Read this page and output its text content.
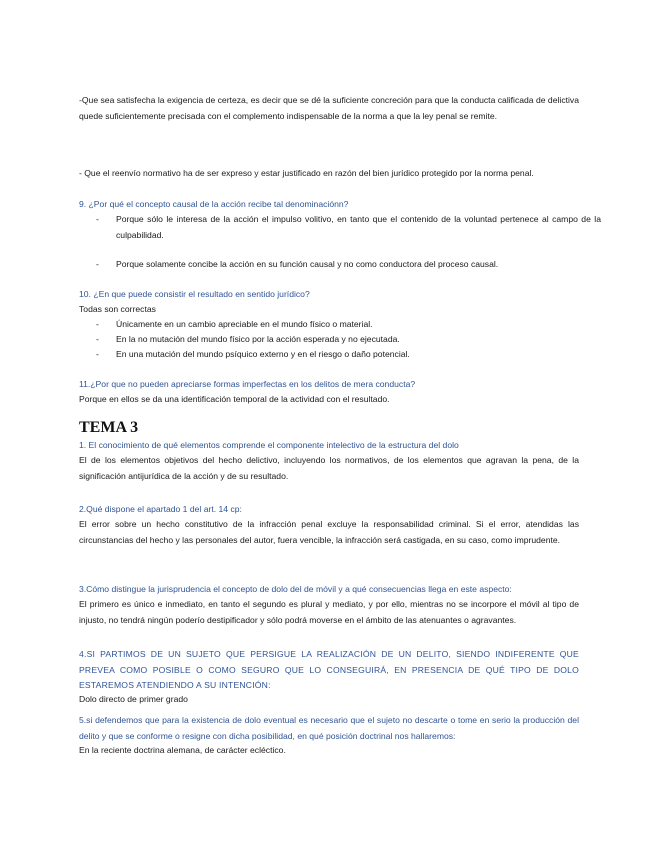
-Que sea satisfecha la exigencia de certeza, es decir que se dé la suficiente concreción para que la conducta calificada de delictiva quede suficientemente precisada con el complemento indispensable de la norma a que la ley penal se remite.

- Que el reenvío normativo ha de ser expreso y estar justificado en razón del bien jurídico protegido por la norma penal.

9. ¿Por qué el concepto causal de la acción recibe tal denominaciónn?

-	Porque sólo le interesa de la acción el impulso volitivo, en tanto que el contenido de la voluntad pertenece al campo de la culpabilidad.
-	Porque solamente concibe la acción en su función causal y no como conductora del proceso causal.

10. ¿En que puede consistir el resultado en sentido jurídico?

Todas son correctas

-	Únicamente en un cambio apreciable en el mundo físico o material.
-	En la no mutación del mundo físico por la acción esperada y no ejecutada.
-	En una mutación del mundo psíquico externo y en el riesgo o daño potencial.

11.¿Por que no pueden apreciarse formas imperfectas en los delitos de mera conducta?

Porque en ellos se da una identificación temporal de la actividad con el resultado.

TEMA 3

1. El conocimiento de qué elementos comprende el componente intelectivo de la estructura del dolo

El de los elementos objetivos del hecho delictivo, incluyendo los normativos, de los elementos que agravan la pena, de la significación antijurídica de la acción y de su resultado.

2.Qué dispone el apartado 1 del art. 14 cp:

El error sobre un hecho constitutivo de la infracción penal excluye la responsabilidad criminal. Si el error, atendidas las circunstancias del hecho y las personales del autor, fuera vencible, la infracción será castigada, en su caso, como imprudente.

3.Cómo distingue la jurisprudencia el concepto de dolo del de móvil y a qué consecuencias llega en este aspecto:

El primero es único e inmediato, en tanto el segundo es plural y mediato, y por ello, mientras no se incorpore el móvil al tipo de injusto, no tendrá ningún poderío destipificador y sólo podrá moverse en el ámbito de las atenuantes o agravantes.

4.SI PARTIMOS DE UN SUJETO QUE PERSIGUE LA REALIZACIÓN DE UN DELITO, SIENDO INDIFERENTE QUE PREVEA COMO POSIBLE O COMO SEGURO QUE LO CONSEGUIRÁ, EN PRESENCIA DE QUÉ TIPO DE DOLO ESTAREMOS ATENDIENDO A SU INTENCIÓN:

Dolo directo de primer grado

5.si defendemos que para la existencia de dolo eventual es necesario que el sujeto no descarte o tome en serio la producción del delito y que se conforme o resigne con dicha posibilidad, en qué posición doctrinal nos hallaremos:

En la reciente doctrina alemana, de carácter ecléctico.
